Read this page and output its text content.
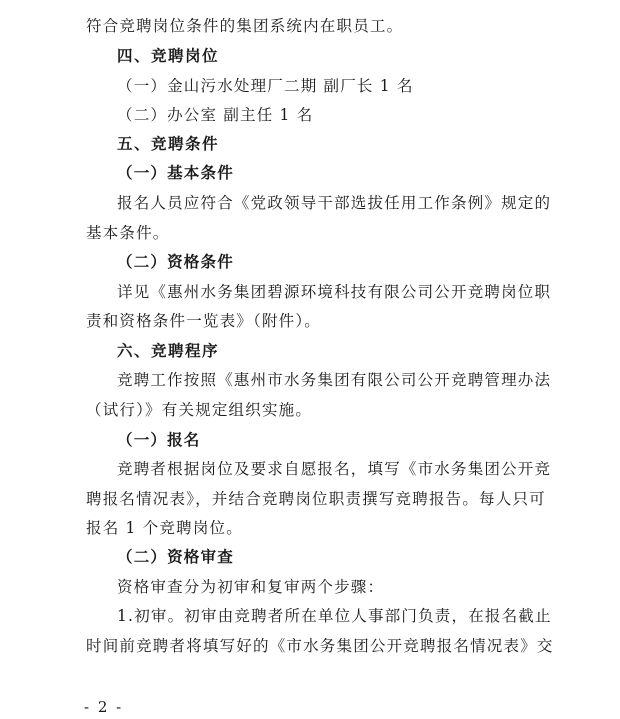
符合竞聘岗位条件的集团系统内在职员工。
四、竞聘岗位
（一）金山污水处理厂二期 副厂长 1 名
（二）办公室 副主任 1 名
五、竞聘条件
（一）基本条件
报名人员应符合《党政领导干部选拔任用工作条例》规定的
基本条件。
（二）资格条件
详见《惠州水务集团碧源环境科技有限公司公开竞聘岗位职
责和资格条件一览表》（附件）。
六、竞聘程序
竞聘工作按照《惠州市水务集团有限公司公开竞聘管理办法
（试行）》有关规定组织实施。
（一）报名
竞聘者根据岗位及要求自愿报名，填写《市水务集团公开竞
聘报名情况表》，并结合竞聘岗位职责撰写竞聘报告。每人只可
报名 1 个竞聘岗位。
（二）资格审查
资格审查分为初审和复审两个步骤：
1.初审。初审由竞聘者所在单位人事部门负责，在报名截止
时间前竞聘者将填写好的《市水务集团公开竞聘报名情况表》交
- 2 -
